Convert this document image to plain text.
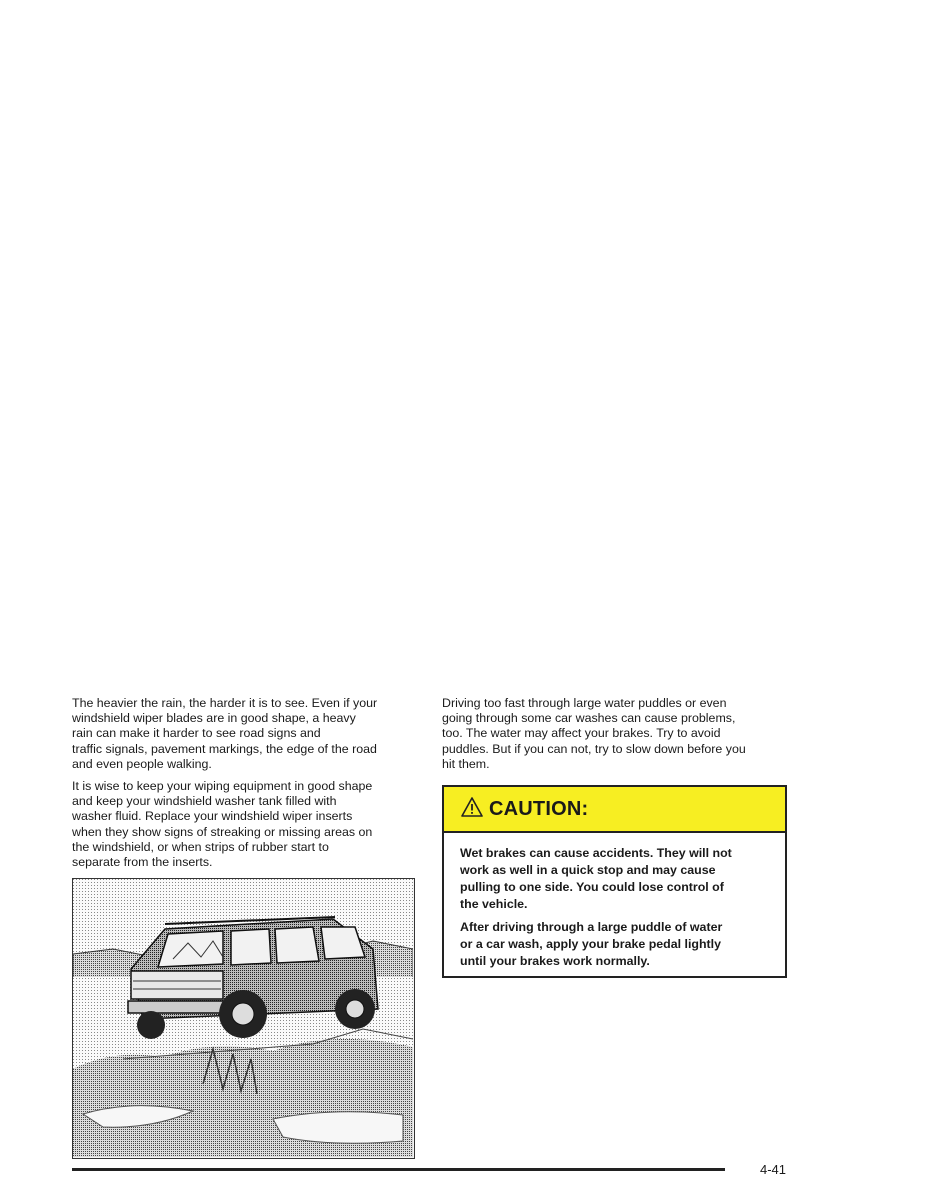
The heavier the rain, the harder it is to see. Even if your
windshield wiper blades are in good shape, a heavy
rain can make it harder to see road signs and
traffic signals, pavement markings, the edge of the road
and even people walking.

It is wise to keep your wiping equipment in good shape
and keep your windshield washer tank filled with
washer fluid. Replace your windshield wiper inserts
when they show signs of streaking or missing areas on
the windshield, or when strips of rubber start to
separate from the inserts.

Driving too fast through large water puddles or even
going through some car washes can cause problems,
too. The water may affect your brakes. Try to avoid
puddles. But if you can not, try to slow down before you
hit them.

CAUTION:

Wet brakes can cause accidents. They will not
work as well in a quick stop and may cause
pulling to one side. You could lose control of
the vehicle.

After driving through a large puddle of water
or a car wash, apply your brake pedal lightly
until your brakes work normally.

4-41
